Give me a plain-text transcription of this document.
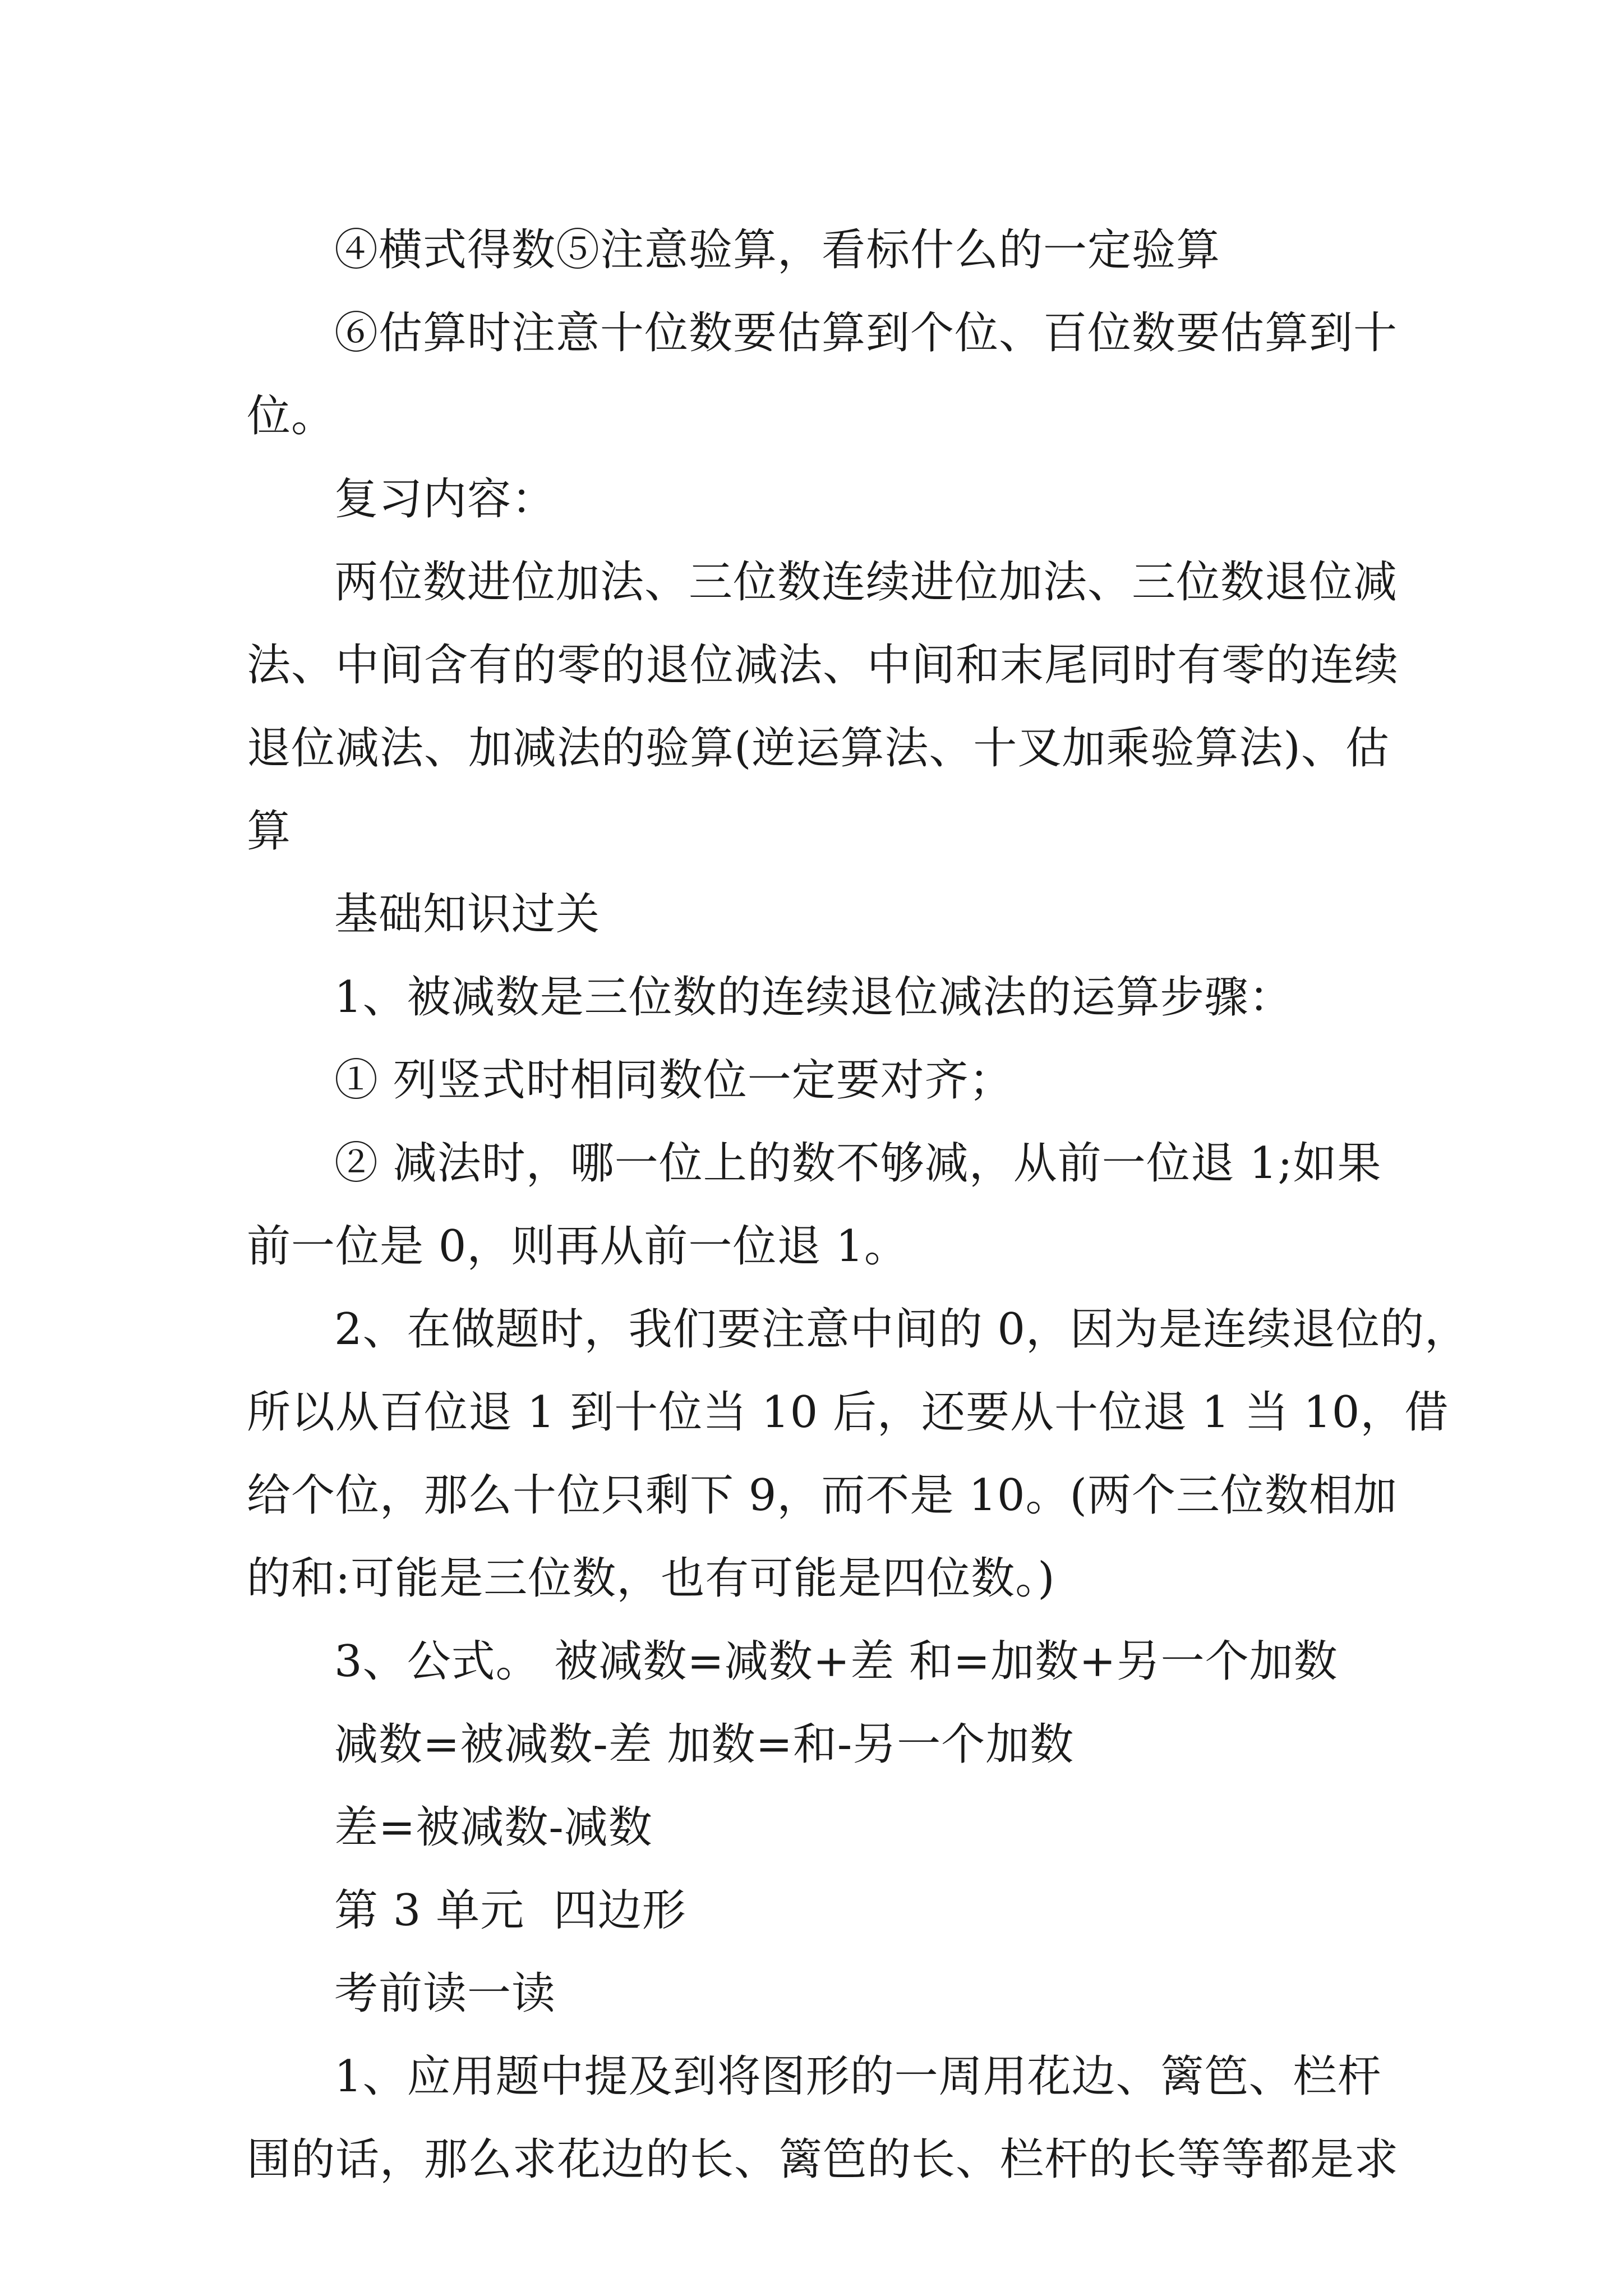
④横式得数⑤注意验算，看标什么的一定验算
⑥估算时注意十位数要估算到个位、百位数要估算到十
位。
复习内容：
两位数进位加法、三位数连续进位加法、三位数退位减
法、中间含有的零的退位减法、中间和末尾同时有零的连续
退位减法、加减法的验算(逆运算法、十叉加乘验算法)、估
算
基础知识过关
1、被减数是三位数的连续退位减法的运算步骤：
① 列竖式时相同数位一定要对齐；
② 减法时，哪一位上的数不够减，从前一位退 1;如果
前一位是 0，则再从前一位退 1。
2、在做题时，我们要注意中间的 0，因为是连续退位的，
所以从百位退 1 到十位当 10 后，还要从十位退 1 当 10，借
给个位，那么十位只剩下 9，而不是 10。(两个三位数相加
的和:可能是三位数，也有可能是四位数。)
3、公式。 被减数=减数+差 和=加数+另一个加数
减数=被减数-差 加数=和-另一个加数
差=被减数-减数
第 3 单元  四边形
考前读一读
1、应用题中提及到将图形的一周用花边、篱笆、栏杆
围的话，那么求花边的长、篱笆的长、栏杆的长等等都是求
